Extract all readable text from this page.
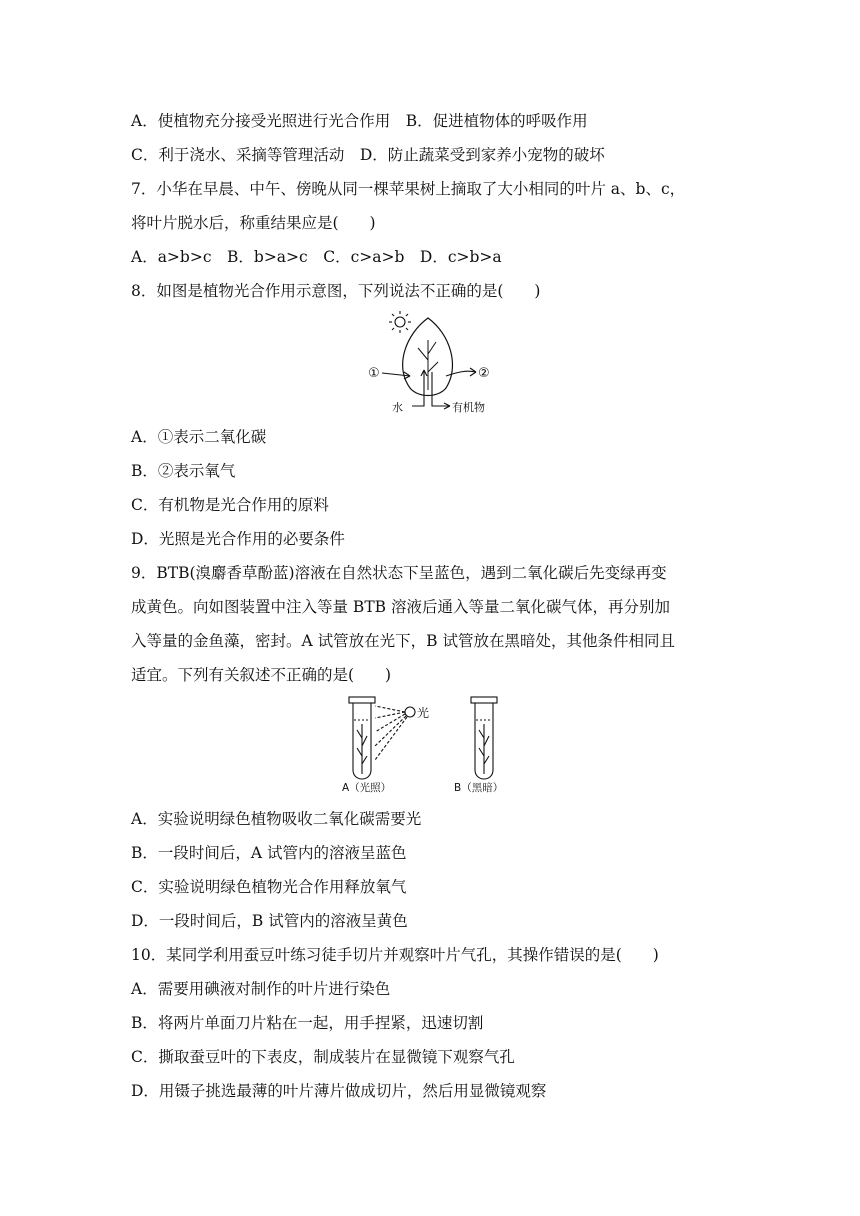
A．使植物充分接受光照进行光合作用　B．促进植物体的呼吸作用
C．利于浇水、采摘等管理活动　D．防止蔬菜受到家养小宠物的破坏
7．小华在早晨、中午、傍晚从同一棵苹果树上摘取了大小相同的叶片 a、b、c，
将叶片脱水后，称重结果应是(　　)
A．a>b>c　B．b>a>c　C．c>a>b　D．c>b>a
8．如图是植物光合作用示意图，下列说法不正确的是(　　)
①	②
水	有机物
A．①表示二氧化碳
B．②表示氧气
C．有机物是光合作用的原料
D．光照是光合作用的必要条件
9．BTB(溴麝香草酚蓝)溶液在自然状态下呈蓝色，遇到二氧化碳后先变绿再变
成黄色。向如图装置中注入等量 BTB 溶液后通入等量二氧化碳气体，再分别加
入等量的金鱼藻，密封。A 试管放在光下，B 试管放在黑暗处，其他条件相同且
适宜。下列有关叙述不正确的是(　　)
光
A（光照）	B（黑暗）
A．实验说明绿色植物吸收二氧化碳需要光
B．一段时间后，A 试管内的溶液呈蓝色
C．实验说明绿色植物光合作用释放氧气
D．一段时间后，B 试管内的溶液呈黄色
10．某同学利用蚕豆叶练习徒手切片并观察叶片气孔，其操作错误的是(　　)
A．需要用碘液对制作的叶片进行染色
B．将两片单面刀片粘在一起，用手捏紧，迅速切割
C．撕取蚕豆叶的下表皮，制成装片在显微镜下观察气孔
D．用镊子挑选最薄的叶片薄片做成切片，然后用显微镜观察
